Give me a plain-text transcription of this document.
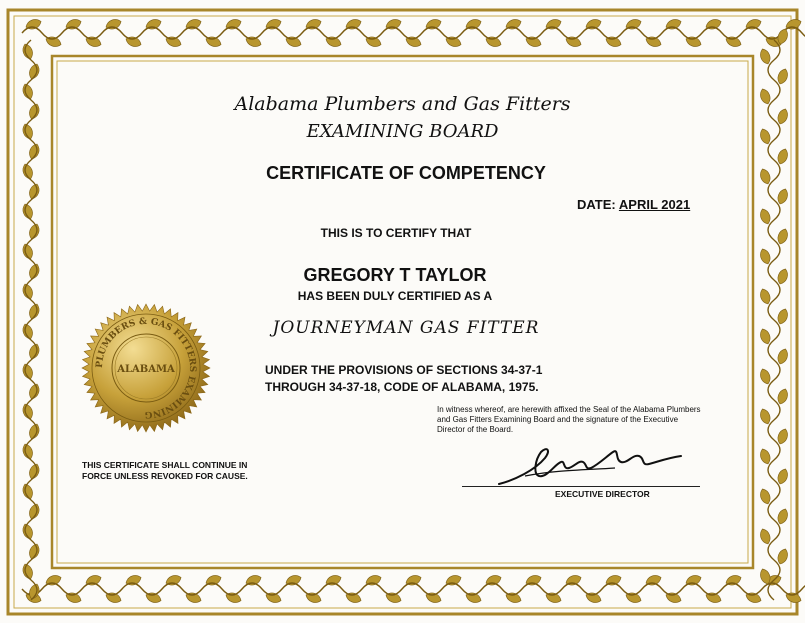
Alabama Plumbers and Gas Fitters
EXAMINING BOARD
CERTIFICATE OF COMPETENCY
DATE: APRIL 2021
THIS IS TO CERTIFY THAT
GREGORY T TAYLOR
HAS BEEN DULY CERTIFIED AS A
JOURNEYMAN GAS FITTER
UNDER THE PROVISIONS OF SECTIONS 34-37-1
THROUGH 34-37-18, CODE OF ALABAMA, 1975.
In witness whereof, are herewith affixed the Seal of the Alabama Plumbers and Gas Fitters Examining Board and the signature of the Executive Director of the Board.
THIS CERTIFICATE SHALL CONTINUE IN FORCE UNLESS REVOKED FOR CAUSE.
EXECUTIVE DIRECTOR
PLUMBERS & GAS FITTERS EXAMINING
ALABAMA
